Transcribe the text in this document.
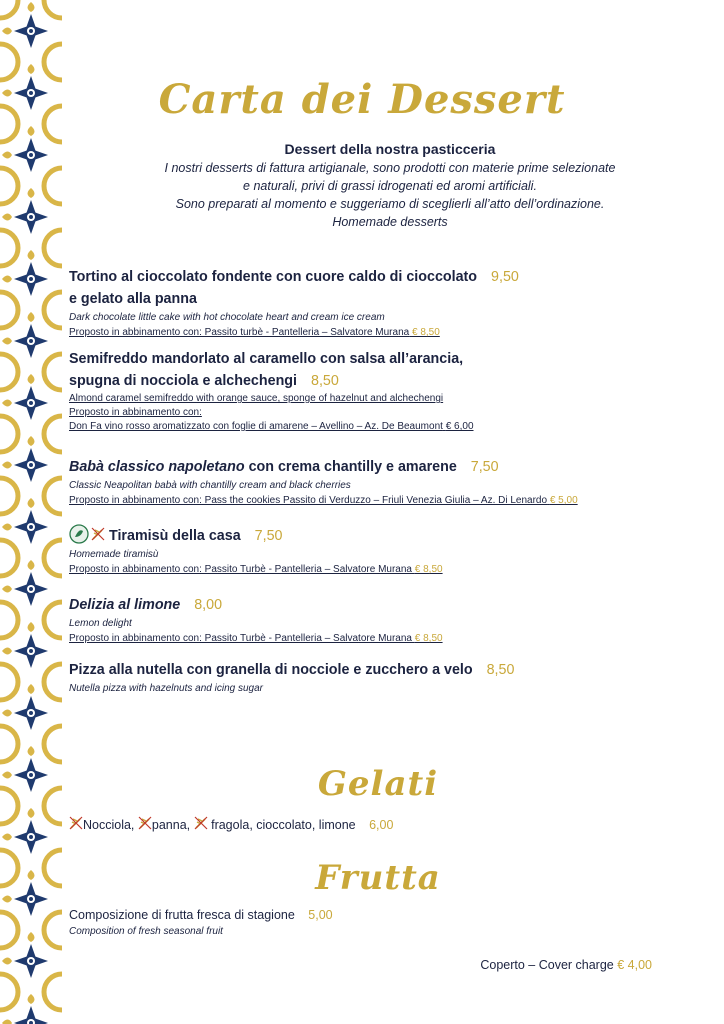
Carta dei Dessert
Dessert della nostra pasticceria
I nostri desserts di fattura artigianale, sono prodotti con materie prime selezionate
e naturali, privi di grassi idrogenati ed aromi artificiali.
Sono preparati al momento e suggeriamo di sceglierli all’atto dell’ordinazione.
Homemade desserts
Tortino al cioccolato fondente con cuore caldo di cioccolato 9,50
e gelato alla panna
Dark chocolate little cake with hot chocolate heart and cream ice cream
Proposto in abbinamento con: Passito turbè - Pantelleria – Salvatore Murana € 8,50
Semifreddo mandorlato al caramello con salsa all’arancia,
spugna di nocciola e alchechengi 8,50
Almond caramel semifreddo with orange sauce, sponge of hazelnut and alchechengi
Proposto in abbinamento con:
Don Fa vino rosso aromatizzato con foglie di amarene – Avellino – Az. De Beaumont € 6,00
Babà classico napoletano con crema chantilly e amarene 7,50
Classic Neapolitan babà with chantilly cream and black cherries
Proposto in abbinamento con: Pass the cookies Passito di Verduzzo – Friuli Venezia Giulia – Az. Di Lenardo € 5,00
Tiramisù della casa 7,50
Homemade tiramisù
Proposto in abbinamento con: Passito Turbè - Pantelleria – Salvatore Murana € 8,50
Delizia al limone 8,00
Lemon delight
Proposto in abbinamento con: Passito Turbè - Pantelleria – Salvatore Murana € 8,50
Pizza alla nutella con granella di nocciole e zucchero a velo 8,50
Nutella pizza with hazelnuts and icing sugar
Gelati
Nocciola, panna,  fragola, cioccolato, limone 6,00
Frutta
Composizione di frutta fresca di stagione 5,00
Composition of fresh seasonal fruit
Coperto – Cover charge € 4,00
